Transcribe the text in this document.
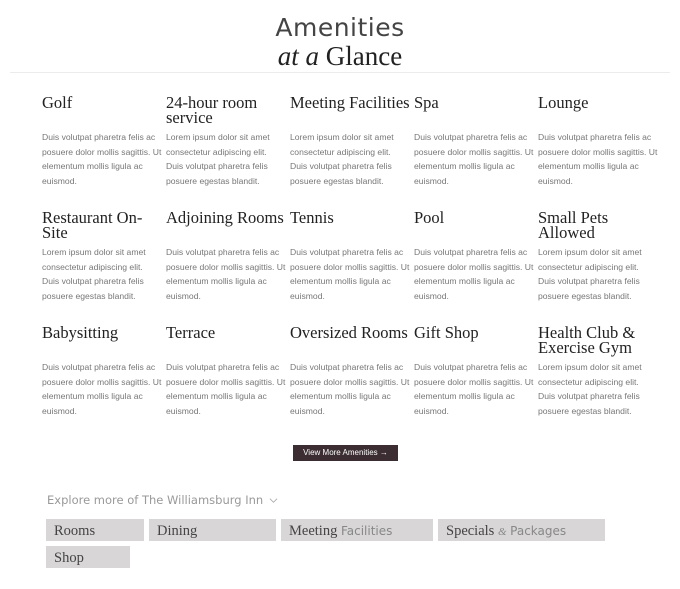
Amenities
at a Glance
Golf

Duis volutpat pharetra felis ac posuere dolor mollis sagittis. Ut elementum mollis ligula ac euismod.

24-hour room service

Lorem ipsum dolor sit amet consectetur adipiscing elit. Duis volutpat pharetra felis posuere egestas blandit.

Meeting Facilities

Lorem ipsum dolor sit amet consectetur adipiscing elit. Duis volutpat pharetra felis posuere egestas blandit.

Spa

Duis volutpat pharetra felis ac posuere dolor mollis sagittis. Ut elementum mollis ligula ac euismod.

Lounge

Duis volutpat pharetra felis ac posuere dolor mollis sagittis. Ut elementum mollis ligula ac euismod.

Restaurant On-Site

Lorem ipsum dolor sit amet consectetur adipiscing elit. Duis volutpat pharetra felis posuere egestas blandit.

Adjoining Rooms

Duis volutpat pharetra felis ac posuere dolor mollis sagittis. Ut elementum mollis ligula ac euismod.

Tennis

Duis volutpat pharetra felis ac posuere dolor mollis sagittis. Ut elementum mollis ligula ac euismod.

Pool

Duis volutpat pharetra felis ac posuere dolor mollis sagittis. Ut elementum mollis ligula ac euismod.

Small Pets Allowed

Lorem ipsum dolor sit amet consectetur adipiscing elit. Duis volutpat pharetra felis posuere egestas blandit.

Babysitting

Duis volutpat pharetra felis ac posuere dolor mollis sagittis. Ut elementum mollis ligula ac euismod.

Terrace

Duis volutpat pharetra felis ac posuere dolor mollis sagittis. Ut elementum mollis ligula ac euismod.

Oversized Rooms

Duis volutpat pharetra felis ac posuere dolor mollis sagittis. Ut elementum mollis ligula ac euismod.

Gift Shop

Duis volutpat pharetra felis ac posuere dolor mollis sagittis. Ut elementum mollis ligula ac euismod.

Health Club & Exercise Gym

Lorem ipsum dolor sit amet consectetur adipiscing elit. Duis volutpat pharetra felis posuere egestas blandit.

View More Amenities →
Explore more of The Williamsburg Inn
Rooms	Dining	Meeting Facilities	Specials & Packages
Shop
